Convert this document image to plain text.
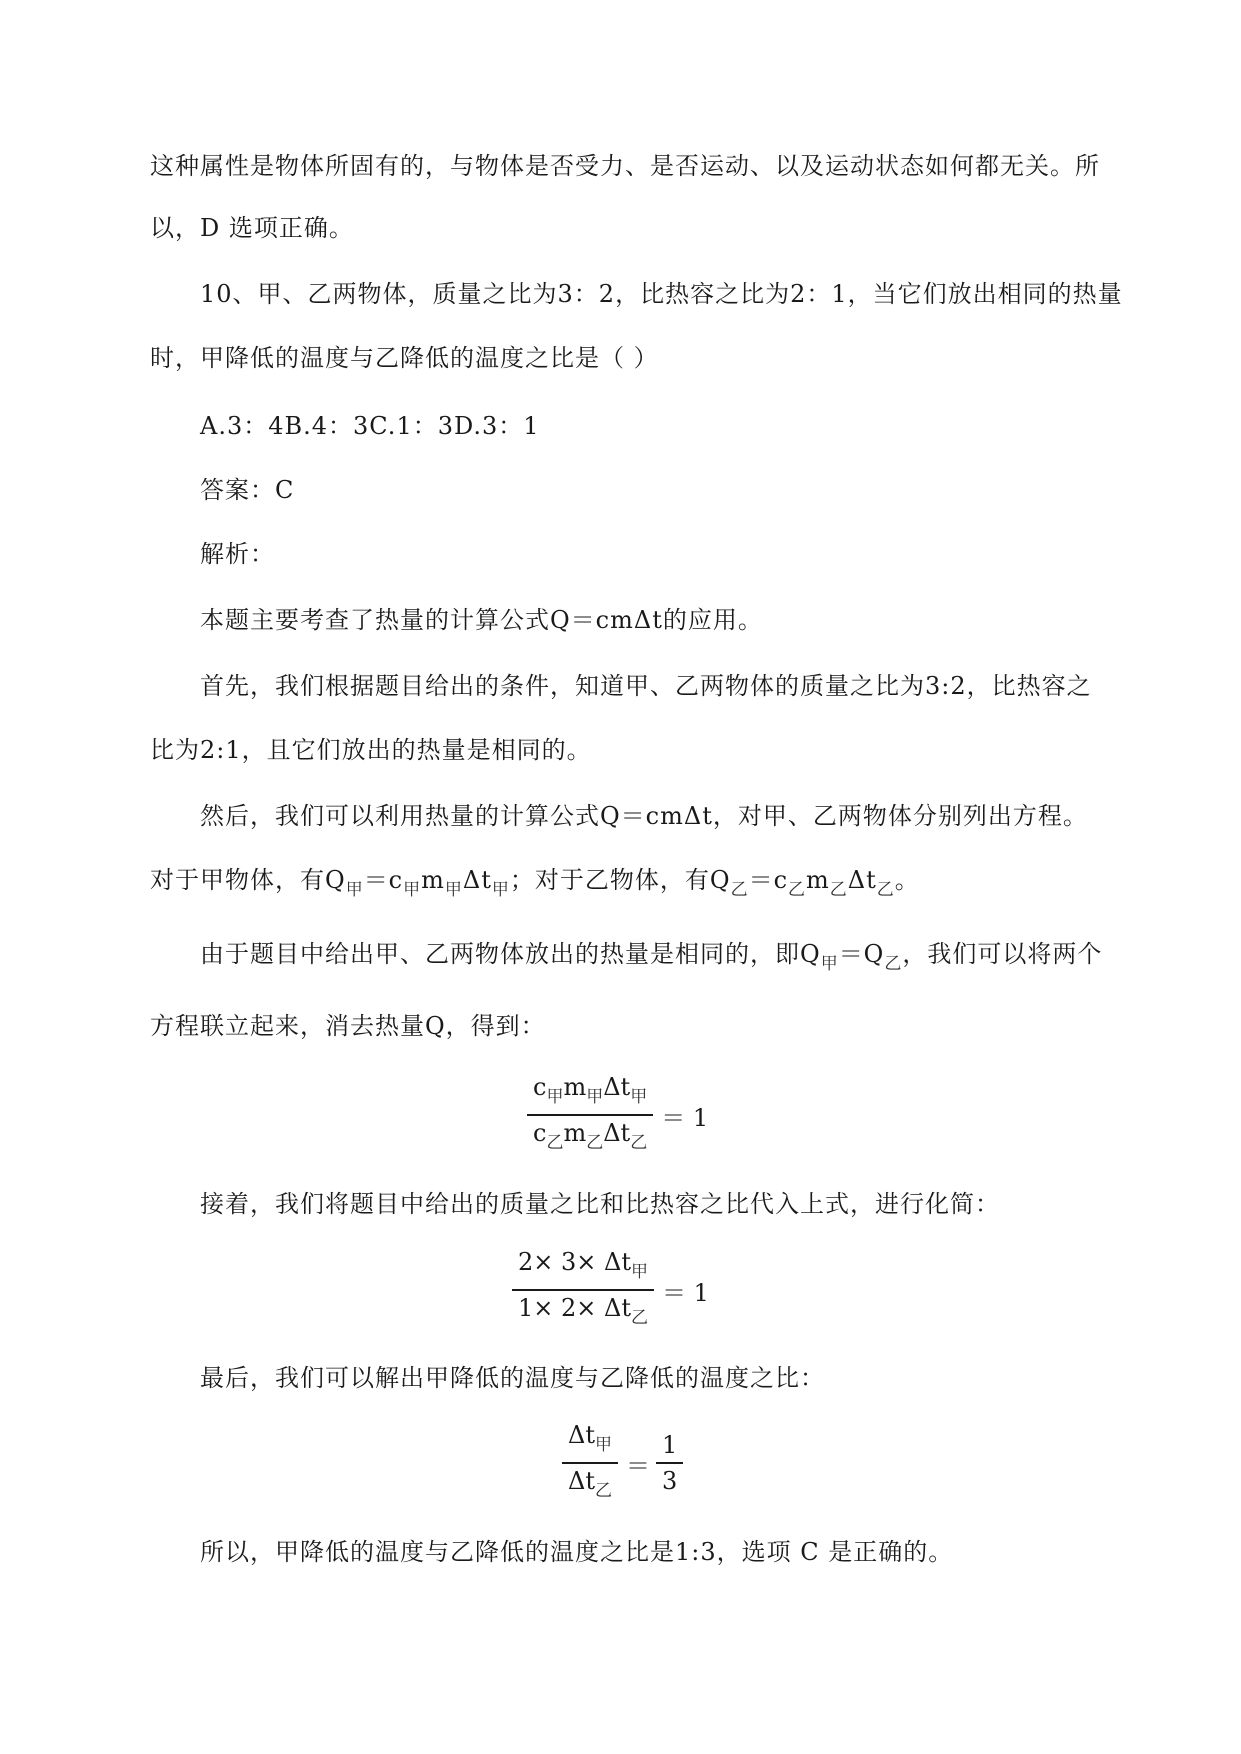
这种属性是物体所固有的，与物体是否受力、是否运动、以及运动状态如何都无关。所
以，D 选项正确。
10、甲、乙两物体，质量之比为3：2，比热容之比为2：1，当它们放出相同的热量
时，甲降低的温度与乙降低的温度之比是（ ）
A.3：4B.4：3C.1：3D.3：1
答案：C
解析：
本题主要考查了热量的计算公式Q＝cmΔt的应用。
首先，我们根据题目给出的条件，知道甲、乙两物体的质量之比为3:2，比热容之
比为2:1，且它们放出的热量是相同的。
然后，我们可以利用热量的计算公式Q＝cmΔt，对甲、乙两物体分别列出方程。
对于甲物体，有$Q_甲=c_甲m_甲\Delta t_甲$；对于乙物体，有$Q_乙=c_乙m_乙\Delta t_乙$。
由于题目中给出甲、乙两物体放出的热量是相同的，即$Q_甲=Q_乙$，我们可以将两个
方程联立起来，消去热量Q，得到：
$\frac{c_甲m_甲\Delta t_甲}{c_乙m_乙\Delta t_乙} = 1$
接着，我们将题目中给出的质量之比和比热容之比代入上式，进行化简：
$\frac{2\times 3\times \Delta t_甲}{1\times 2\times \Delta t_乙} = 1$
最后，我们可以解出甲降低的温度与乙降低的温度之比：
$\frac{\Delta t_甲}{\Delta t_乙} = \frac{1}{3}$
所以，甲降低的温度与乙降低的温度之比是1:3，选项 C 是正确的。
